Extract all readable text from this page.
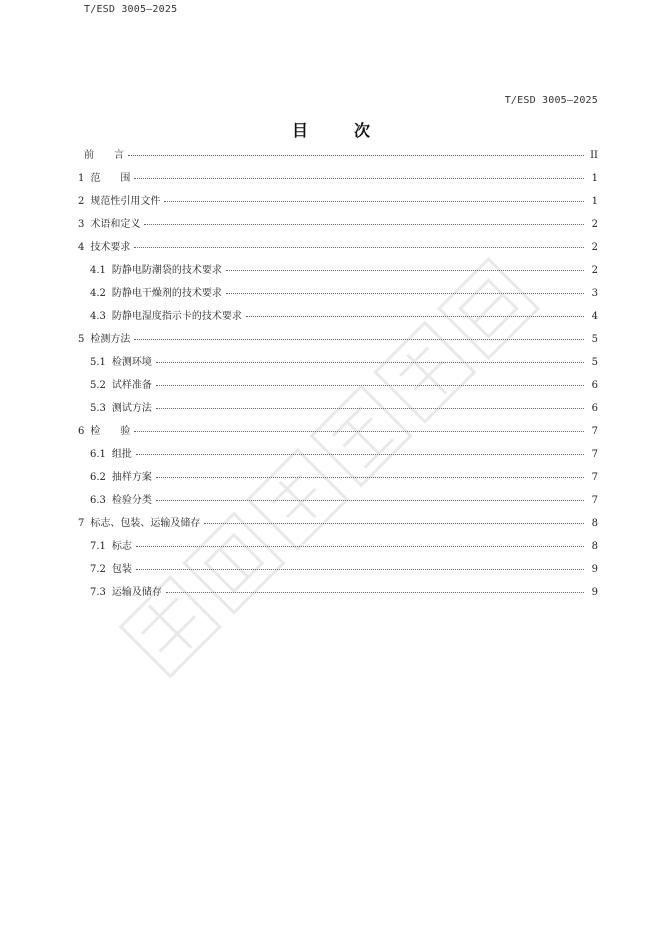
T/ESD 3005—2025
T/ESD 3005—2025
目	次
前　　言	II
1 范　　围	1
2 规范性引用文件	1
3 术语和定义	2
4 技术要求	2
4.1 防静电防潮袋的技术要求	2
4.2 防静电干燥剂的技术要求	3
4.3 防静电湿度指示卡的技术要求	4
5 检测方法	5
5.1 检测环境	5
5.2 试样准备	6
5.3 测试方法	6
6 检　　验	7
6.1 组批	7
6.2 抽样方案	7
6.3 检验分类	7
7 标志、包装、运输及储存	8
7.1 标志	8
7.2 包装	9
7.3 运输及储存	9
